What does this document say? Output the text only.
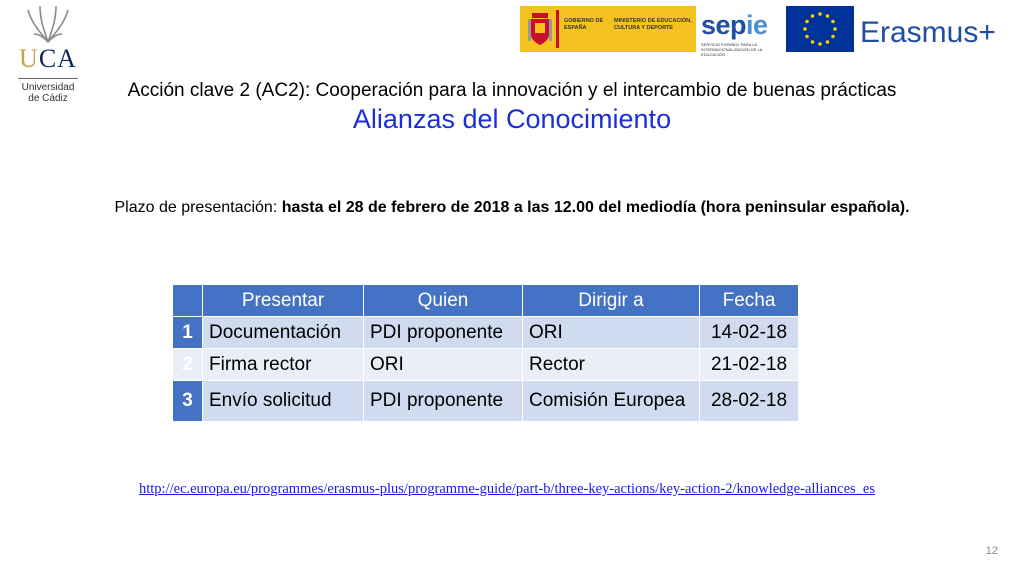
UCA
Universidad
de Cádiz
GOBIERNO DE ESPAÑA
MINISTERIO DE EDUCACIÓN, CULTURA Y DEPORTE	sepie
SERVICIO ESPAÑOL PARA LA INTERNACIONALIZACIÓN DE LA EDUCACIÓN
Erasmus+
Acción clave 2 (AC2): Cooperación para la innovación y el intercambio de buenas prácticas
Alianzas del Conocimiento
Plazo de presentación: hasta el 28 de febrero de 2018 a las 12.00 del mediodía (hora peninsular española).
	Presentar	Quien	Dirigir a	Fecha
1	Documentación	PDI proponente	ORI	14-02-18
2	Firma rector	ORI	Rector	21-02-18
3	Envío solicitud	PDI proponente	Comisión Europea	28-02-18
http://ec.europa.eu/programmes/erasmus-plus/programme-guide/part-b/three-key-actions/key-action-2/knowledge-alliances_es
12
